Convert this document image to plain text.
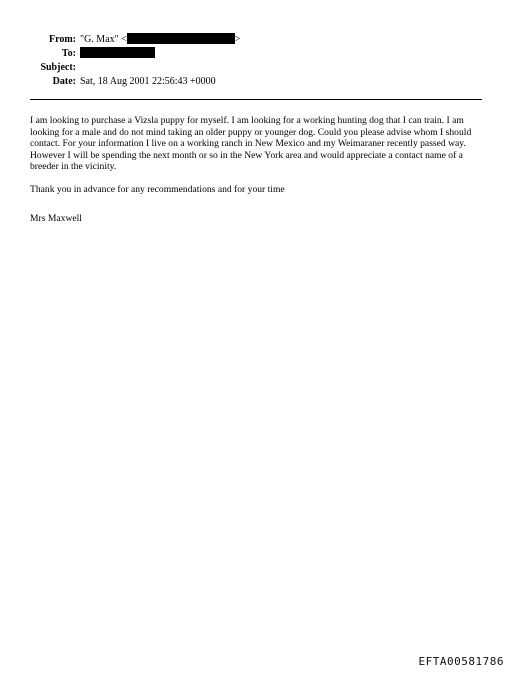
From: "G. Max" <	>
To:
Subject:
Date: Sat, 18 Aug 2001 22:56:43 +0000

I am looking to purchase a Vizsla puppy for myself. I am looking for a working hunting dog that I can train. I am looking for a male and do not mind taking an older puppy or younger dog. Could you please advise whom I should contact. For your information I live on a working ranch in New Mexico and my Weimaraner recently passed way. However I will be spending the next month or so in the New York area and would appreciate a contact name of a breeder in the vicinity.

Thank you in advance for any recommendations and for your time

Mrs Maxwell

EFTA00581786
